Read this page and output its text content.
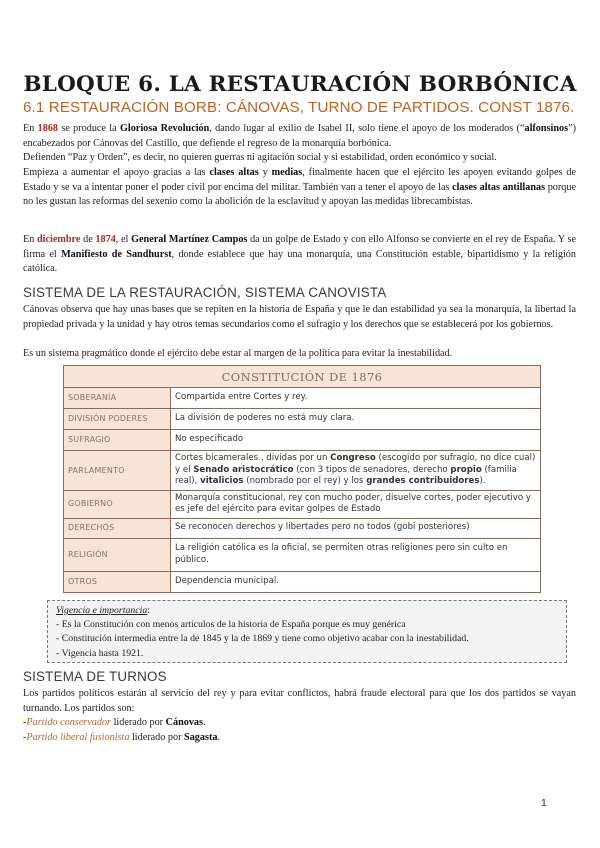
BLOQUE 6. LA RESTAURACIÓN BORBÓNICA
6.1 RESTAURACIÓN BORB: CÁNOVAS, TURNO DE PARTIDOS. CONST 1876.
En 1868 se produce la Gloriosa Revolución, dando lugar al exilio de Isabel II, solo tiene el apoyo de los moderados (“alfonsinos”) encabezados por Cánovas del Castillo, que defiende el regreso de la monarquía borbónica.
Defienden “Paz y Orden”, es decir, no quieren guerras ni agitación social y si estabilidad, orden económico y social.
Empieza a aumentar el apoyo gracias a las clases altas y medias, finalmente hacen que el ejército les apoyen evitando golpes de Estado y se va a intentar poner el poder civil por encima del militar. También van a tener el apoyo de las clases altas antillanas porque no les gustan las reformas del sexenio como la abolición de la esclavitud y apoyan las medidas librecambistas.
En diciembre de 1874, el General Martínez Campos da un golpe de Estado y con ello Alfonso se convierte en el rey de España. Y se firma el Manifiesto de Sandhurst, donde establece que hay una monarquía, una Constitución estable, bipartidismo y la religión católica.
SISTEMA DE LA RESTAURACIÓN, SISTEMA CANOVISTA
Cánovas observa que hay unas bases que se repiten en la historia de España y que le dan estabilidad ya sea la monarquía, la libertad la propiedad privada y la unidad y hay otros temas secundarios como el sufragio y los derechos que se establecerá por los gobiernos.
Es un sistema pragmático donde el ejército debe estar al margen de la política para evitar la inestabilidad.
CONSTITUCIÓN DE 1876	
SOBERANÍA	Compartida entre Cortes y rey.
DIVISIÓN PODERES	La división de poderes no está muy clara.
SUFRAGIO	No especificado
PARLAMENTO	Cortes bicamerales , dividas por un Congreso (escogido por sufragio, no dice cual) y el Senado aristocrático (con 3 tipos de senadores, derecho propio (familia real), vitalicios (nombrado por el rey) y los grandes contribuidores).
GOBIERNO	Monarquía constitucional, rey con mucho poder, disuelve cortes, poder ejecutivo y es jefe del ejército para evitar golpes de Estado
DERECHOS	Se reconocen derechos y libertades pero no todos (gobi posteriores)
RELIGIÓN	La religión católica es la oficial, se permiten otras religiones pero sin culto en público.
OTROS	Dependencia municipal.
Vigencia e importancia:
- Es la Constitución con menos artículos de la historia de España porque es muy genérica
- Constitución intermedia entre la de 1845 y la de 1869 y tiene como objetivo acabar con la inestabilidad.
- Vigencia hasta 1921.
SISTEMA DE TURNOS
Los partidos políticos estarán al servicio del rey y para evitar conflictos, habrá fraude electoral para que los dos partidos se vayan turnando. Los partidos son:
-Partido conservador liderado por Cánovas.
-Partido liberal fusionista liderado por Sagasta.
1
